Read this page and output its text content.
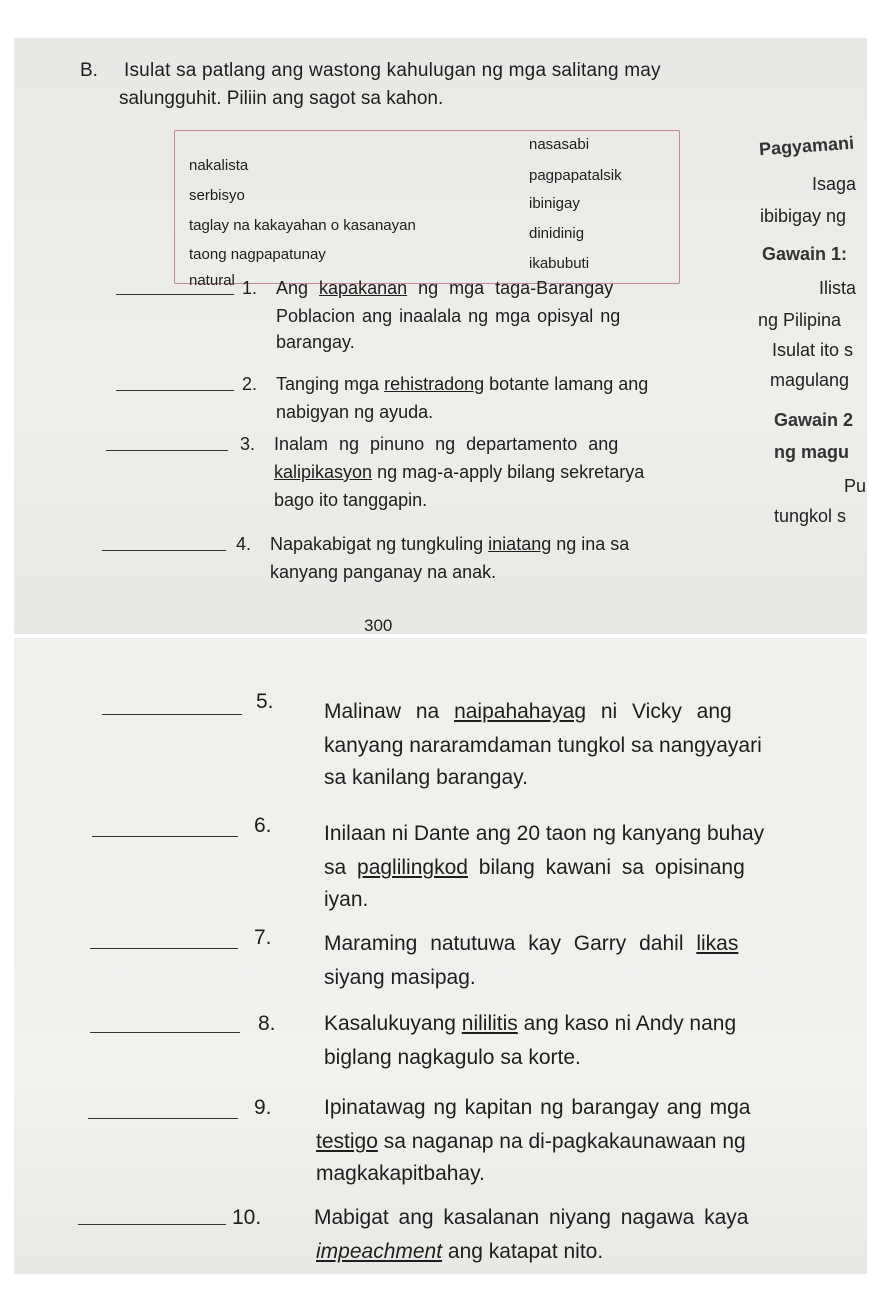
B. Isulat sa patlang ang wastong kahulugan ng mga salitang may
salungguhit. Piliin ang sagot sa kahon.
nakalista
serbisyo
taglay na kakayahan o kasanayan
taong nagpapatunay
natural
nasasabi
pagpapatalsik
ibinigay
dinidinig
ikabubuti
Pagyamani
Isaga
ibibigay ng
Gawain 1:
Ilista
ng Pilipina
Isulat ito s
magulang
Gawain 2
ng magu
Pu
tungkol s
1. Ang kapakanan ng mga taga-Barangay
Poblacion ang inaalala ng mga opisyal ng
barangay.
2. Tanging mga rehistradong botante lamang ang
nabigyan ng ayuda.
3. Inalam ng pinuno ng departamento ang
kalipikasyon ng mag-a-apply bilang sekretarya
bago ito tanggapin.
4. Napakabigat ng tungkuling iniatang ng ina sa
kanyang panganay na anak.
300
5. Malinaw na naipahahayag ni Vicky ang
kanyang nararamdaman tungkol sa nangyayari
sa kanilang barangay.
6. Inilaan ni Dante ang 20 taon ng kanyang buhay
sa paglilingkod bilang kawani sa opisinang
iyan.
7. Maraming natutuwa kay Garry dahil likas
siyang masipag.
8. Kasalukuyang nililitis ang kaso ni Andy nang
biglang nagkagulo sa korte.
9. Ipinatawag ng kapitan ng barangay ang mga
testigo sa naganap na di-pagkakaunawaan ng
magkakapitbahay.
10.	Mabigat ang kasalanan niyang nagawa kaya
impeachment ang katapat nito.
